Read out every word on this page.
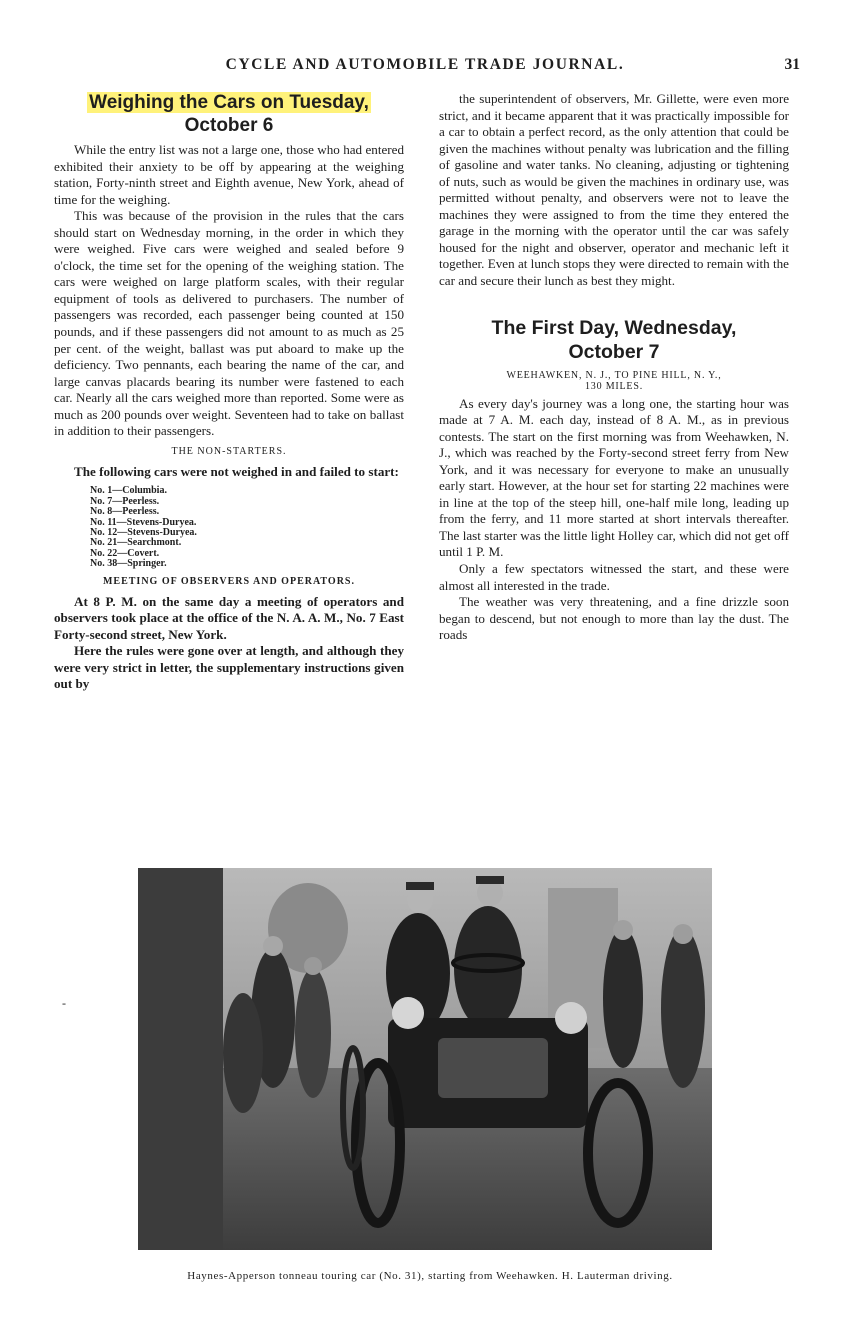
CYCLE AND AUTOMOBILE TRADE JOURNAL.	31
Weighing the Cars on Tuesday,
October 6

While the entry list was not a large one, those who had entered exhibited their anxiety to be off by appearing at the weighing station, Forty-ninth street and Eighth avenue, New York, ahead of time for the weighing.

This was because of the provision in the rules that the cars should start on Wednesday morning, in the order in which they were weighed. Five cars were weighed and sealed before 9 o'clock, the time set for the opening of the weighing station. The cars were weighed on large platform scales, with their regular equipment of tools as delivered to purchasers. The number of passengers was recorded, each passenger being counted at 150 pounds, and if these passengers did not amount to as much as 25 per cent. of the weight, ballast was put aboard to make up the deficiency. Two pennants, each bearing the name of the car, and large canvas placards bearing its number were fastened to each car. Nearly all the cars weighed more than reported. Some were as much as 200 pounds over weight. Seventeen had to take on ballast in addition to their passengers.

THE NON-STARTERS.

The following cars were not weighed in and failed to start:

No. 1—Columbia.
No. 7—Peerless.
No. 8—Peerless.
No. 11—Stevens-Duryea.
No. 12—Stevens-Duryea.
No. 21—Searchmont.
No. 22—Covert.
No. 38—Springer.
MEETING OF OBSERVERS AND OPERATORS.

At 8 P. M. on the same day a meeting of operators and observers took place at the office of the N. A. A. M., No. 7 East Forty-second street, New York.

Here the rules were gone over at length, and although they were very strict in letter, the supplementary instructions given out by

the superintendent of observers, Mr. Gillette, were even more strict, and it became apparent that it was practically impossible for a car to obtain a perfect record, as the only attention that could be given the machines without penalty was lubrication and the filling of gasoline and water tanks. No cleaning, adjusting or tightening of nuts, such as would be given the machines in ordinary use, was permitted without penalty, and observers were not to leave the machines they were assigned to from the time they entered the garage in the morning with the operator until the car was safely housed for the night and observer, operator and mechanic left it together. Even at lunch stops they were directed to remain with the car and secure their lunch as best they might.

The First Day, Wednesday,
October 7
WEEHAWKEN, N. J., TO PINE HILL, N. Y.,
130 MILES.

As every day's journey was a long one, the starting hour was made at 7 A. M. each day, instead of 8 A. M., as in previous contests. The start on the first morning was from Weehawken, N. J., which was reached by the Forty-second street ferry from New York, and it was necessary for everyone to make an unusually early start. However, at the hour set for starting 22 machines were in line at the top of the steep hill, one-half mile long, leading up from the ferry, and 11 more started at short intervals thereafter. The last starter was the little light Holley car, which did not get off until 1 P. M.

Only a few spectators witnessed the start, and these were almost all interested in the trade.

The weather was very threatening, and a fine drizzle soon began to descend, but not enough to more than lay the dust. The roads

-
Haynes-Apperson tonneau touring car (No. 31), starting from Weehawken. H. Lauterman driving.
